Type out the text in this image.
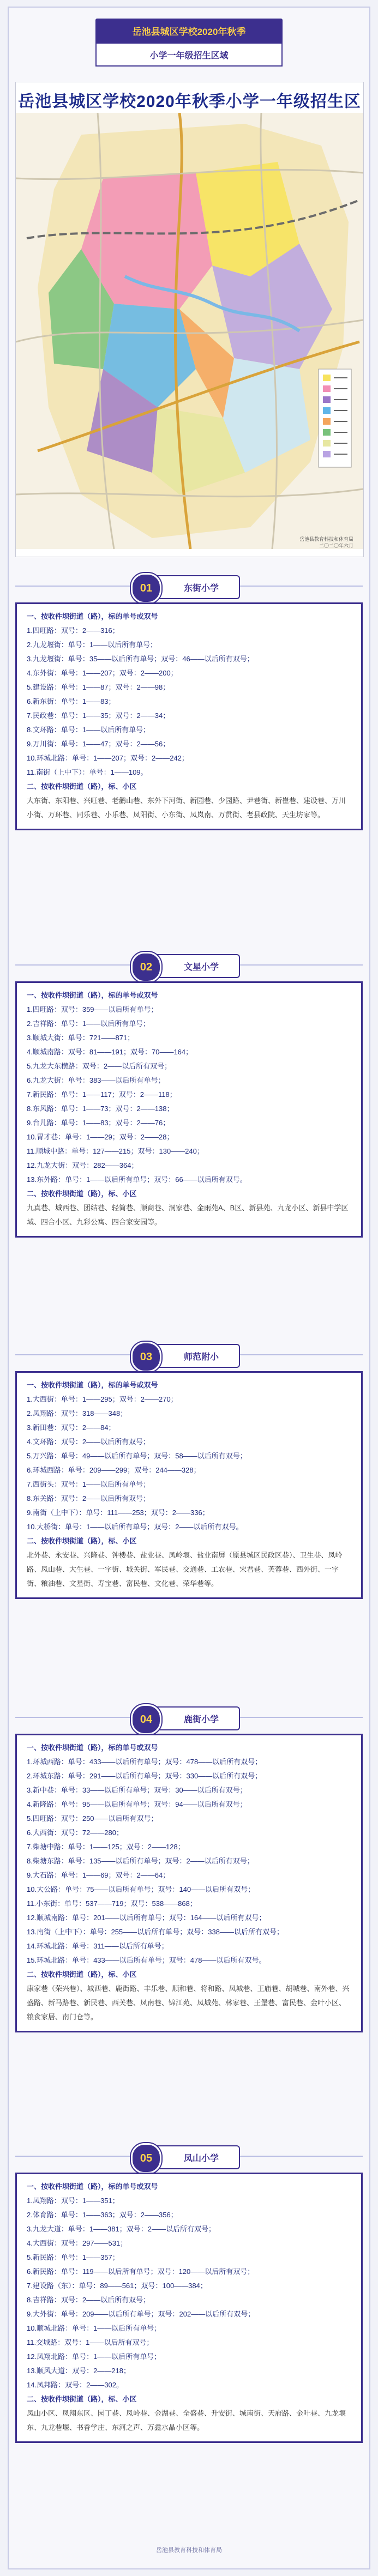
岳池县城区学校2020年秋季
小学一年级招生区域
岳池县城区学校2020年秋季小学一年级招生区
岳池县教育科技和体育局
二〇二〇年六月
01	东街小学

一、按收件坝街道（路），标的单号或双号

1.四旺路：双号：2——316；

2.九龙堰街：单号：1——以后所有单号；

3.九龙堰街：单号：35——以后所有单号；双号：46——以后所有双号；

4.东外街：单号：1——207；双号：2——200；

5.建设路：单号：1——87；双号：2——98；

6.新东街：单号：1——83；

7.民政巷：单号：1——35；双号：2——34；

8.文环路：单号：1——以后所有单号；

9.万川街：单号：1——47；双号：2——56；

10.环城北路：单号：1——207；双号：2——242；

11.南街（上中下）：单号：1——109。

二、按收件坝街道（路），标、小区

大东街、东阳巷、兴旺巷、老鹳山巷、东外下河街、新园巷、少园路、尹巷街、新崔巷、建设巷、万川小街、万环巷、同乐巷、小乐巷、凤阳街、小东街、凤岚南、万贯街、老县政院、天生坊家等。

02	文星小学

一、按收件坝街道（路），标的单号或双号

1.四旺路：双号：359——以后所有单号；

2.吉祥路：单号：1——以后所有单号；

3.顺城大街：单号：721——871；

4.顺城南路：双号：81——191；双号：70——164；

5.九龙大东横路：双号：2——以后所有双号；

6.九龙大街：单号：383——以后所有单号；

7.新民路：单号：1——117；双号：2——118；

8.东风路：单号：1——73；双号：2——138；

9.台儿路：单号：1——83；双号：2——76；

10.胃才巷：单号：1——29；双号：2——28；

11.顺城中路：单号：127——215；双号：130——240；

12.九龙大街：双号：282——364；

13.东外路：单号：1——以后所有单号；双号：66——以后所有双号。

二、按收件坝街道（路），标、小区

九真巷、城西巷、团结巷、轻简巷、顺商巷、洞家巷、金雨苑A、B区、新县苑、九龙小区、新县中学区域、四合小区、九彩公寓、四合家安园等。

03	师范附小

一、按收件坝街道（路），标的单号或双号

1.大西街：单号：1——295；双号：2——270；

2.凤翔路：双号：318——348；

3.新田巷：双号：2——84；

4.文环路：双号：2——以后所有双号；

5.万兴路：单号：49——以后所有单号；双号：58——以后所有双号；

6.环城西路：单号：209——299；双号：244——328；

7.西街头：双号：1——以后所有单号；

8.东关路：双号：2——以后所有双号；

9.南街（上中下）：单号：111——253；双号：2——336；

10.大桥街：单号：1——以后所有单号；双号：2——以后所有双号。

二、按收件坝街道（路），标、小区

北外巷、永安巷、兴隆巷、钟楼巷、盐业巷、凤岭堰、盐业南屏（原县城区民政区巷）、卫生巷、凤岭路、凤山巷、大生巷、一字街、城关街、军民巷、交通巷、工农巷、宋君巷、芙蓉巷、西外街、一字街、粮油巷、文星街、寿宝巷、富民巷、文化巷、荣华巷等。

04	鹿街小学

一、按收件坝街道（路），标的单号或双号

1.环城西路：单号：433——以后所有单号；双号：478——以后所有双号；

2.环城东路：单号：291——以后所有单号；双号：330——以后所有双号；

3.新中巷：单号：33——以后所有单号；双号：30——以后所有双号；

4.新隆路：单号：95——以后所有单号；双号：94——以后所有双号；

5.四旺路：双号：250——以后所有双号；

6.大西街：双号：72——280；

7.柴塘中路：单号：1——125；双号：2——128；

8.柴塘东路：单号：135——以后所有单号；双号：2——以后所有双号；

9.大石路：单号：1——69；双号：2——64；

10.大公路：单号：75——以后所有单号；双号：140——以后所有双号；

11.小东街：单号：537——719；双号：538——868；

12.顺城南路：单号：201——以后所有单号；双号：164——以后所有双号；

13.南街（上中下）：单号：255——以后所有单号；双号：338——以后所有双号；

14.环城北路：单号：311——以后所有单号；

15.环城北路：单号：433——以后所有单号；双号：478——以后所有双号。

二、按收件坝街道（路），标、小区

康家巷（荣兴巷）、城西巷、鹿街路、丰乐巷、顺和巷、将和路、凤城巷、王庙巷、胡城巷、南外巷、兴盛路、新马路巷、新民巷、西关巷、凤南巷、锦江苑、凤城苑、林家巷、王堡巷、富民巷、金叶小区、粮食家居、南门仓等。

05	凤山小学

一、按收件坝街道（路），标的单号或双号

1.凤翔路：双号：1——351；

2.体育路：单号：1——363；双号：2——356；

3.九龙大道：单号：1——381；双号：2——以后所有双号；

4.大西街：双号：297——531；

5.新民路：单号：1——357；

6.新民路：单号：119——以后所有单号；双号：120——以后所有双号；

7.建设路（东）：单号：89——561；双号：100——384；

8.吉祥路：双号：2——以后所有双号；

9.大外街：单号：209——以后所有单号；双号：202——以后所有双号；

10.顺城北路：单号：1——以后所有单号；

11.交城路：双号：1——以后所有双号；

12.凤翔北路：单号：1——以后所有单号；

13.顺风大道：双号：2——218；

14.凤邦路：双号：2——302。

二、按收件坝街道（路），标、小区

凤山小区、凤翔东区、园丁巷、凤岭巷、金湖巷、全盛巷、升安街、城南街、天府路、金叶巷、九龙堰东、九龙巷堰、书香学庄、东河之声、万鑫水晶小区等。

岳池县教育科技和体育局
